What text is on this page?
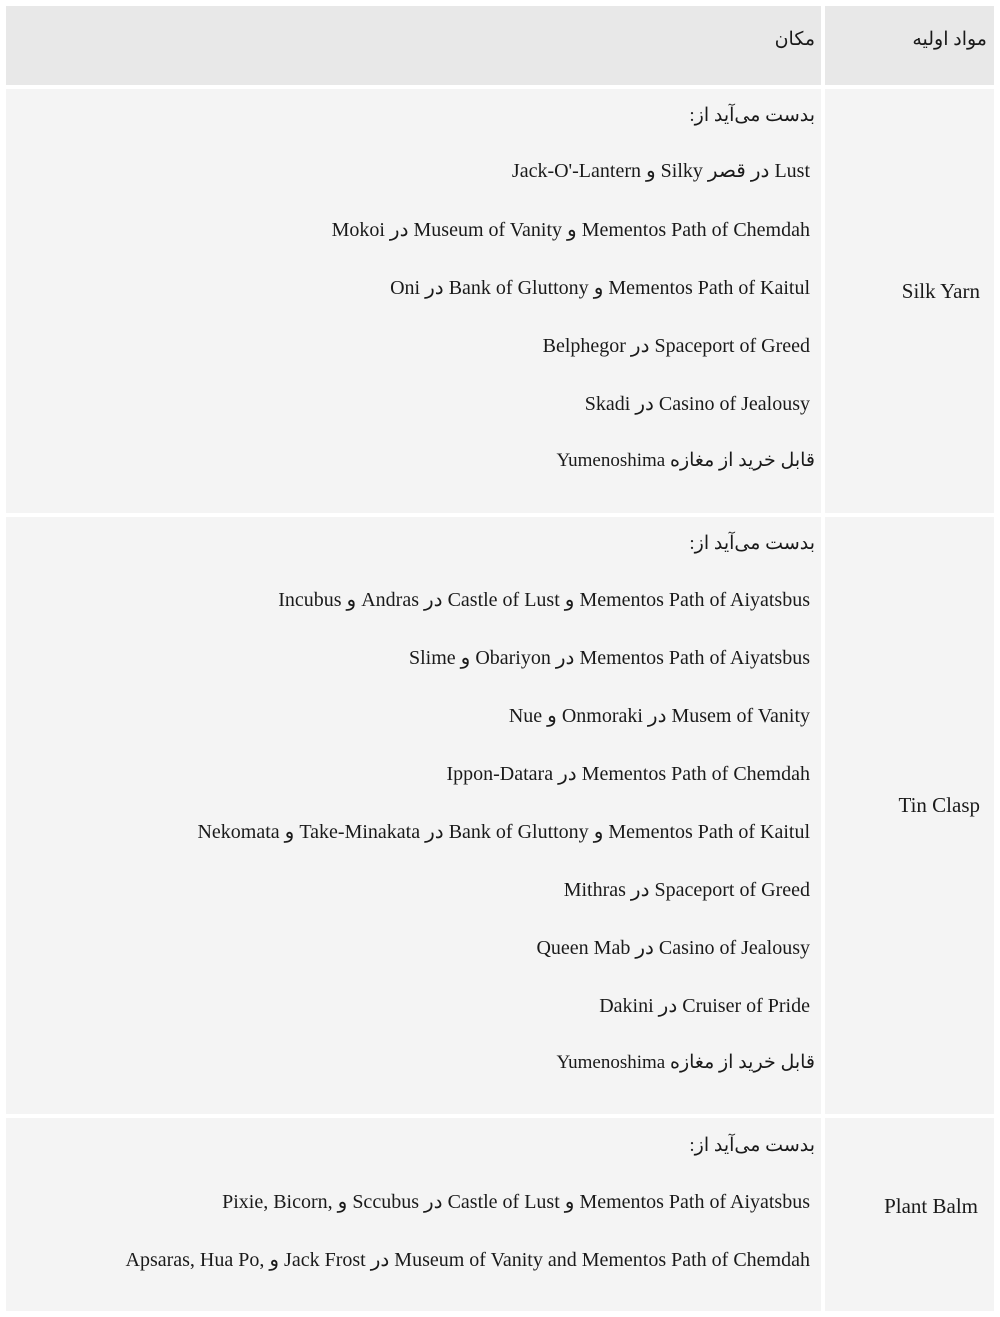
مکان	مواد اولیه
Silk Yarn
بدست می‌آید از:
Jack-O'-Lantern و Silky در قصر Lust
Mokoi در Museum of Vanity و Mementos Path of Chemdah
Oni در Bank of Gluttony و Mementos Path of Kaitul
Belphegor در Spaceport of Greed
Skadi در Casino of Jealousy
قابل خرید از مغازه Yumenoshima
Tin Clasp
بدست می‌آید از:
Incubus و Andras در Castle of Lust و Mementos Path of Aiyatsbus
Slime و Obariyon در Mementos Path of Aiyatsbus
Nue و Onmoraki در Musem of Vanity
Ippon-Datara در Mementos Path of Chemdah
Nekomata و Take-Minakata در Bank of Gluttony و Mementos Path of Kaitul
Mithras در Spaceport of Greed
Queen Mab در Casino of Jealousy
Dakini در Cruiser of Pride
قابل خرید از مغازه Yumenoshima
Plant Balm
بدست می‌آید از:
Pixie, Bicorn, و Sccubus در Castle of Lust و Mementos Path of Aiyatsbus
Apsaras, Hua Po, و Jack Frost در Museum of Vanity and Mementos Path of Chemdah
